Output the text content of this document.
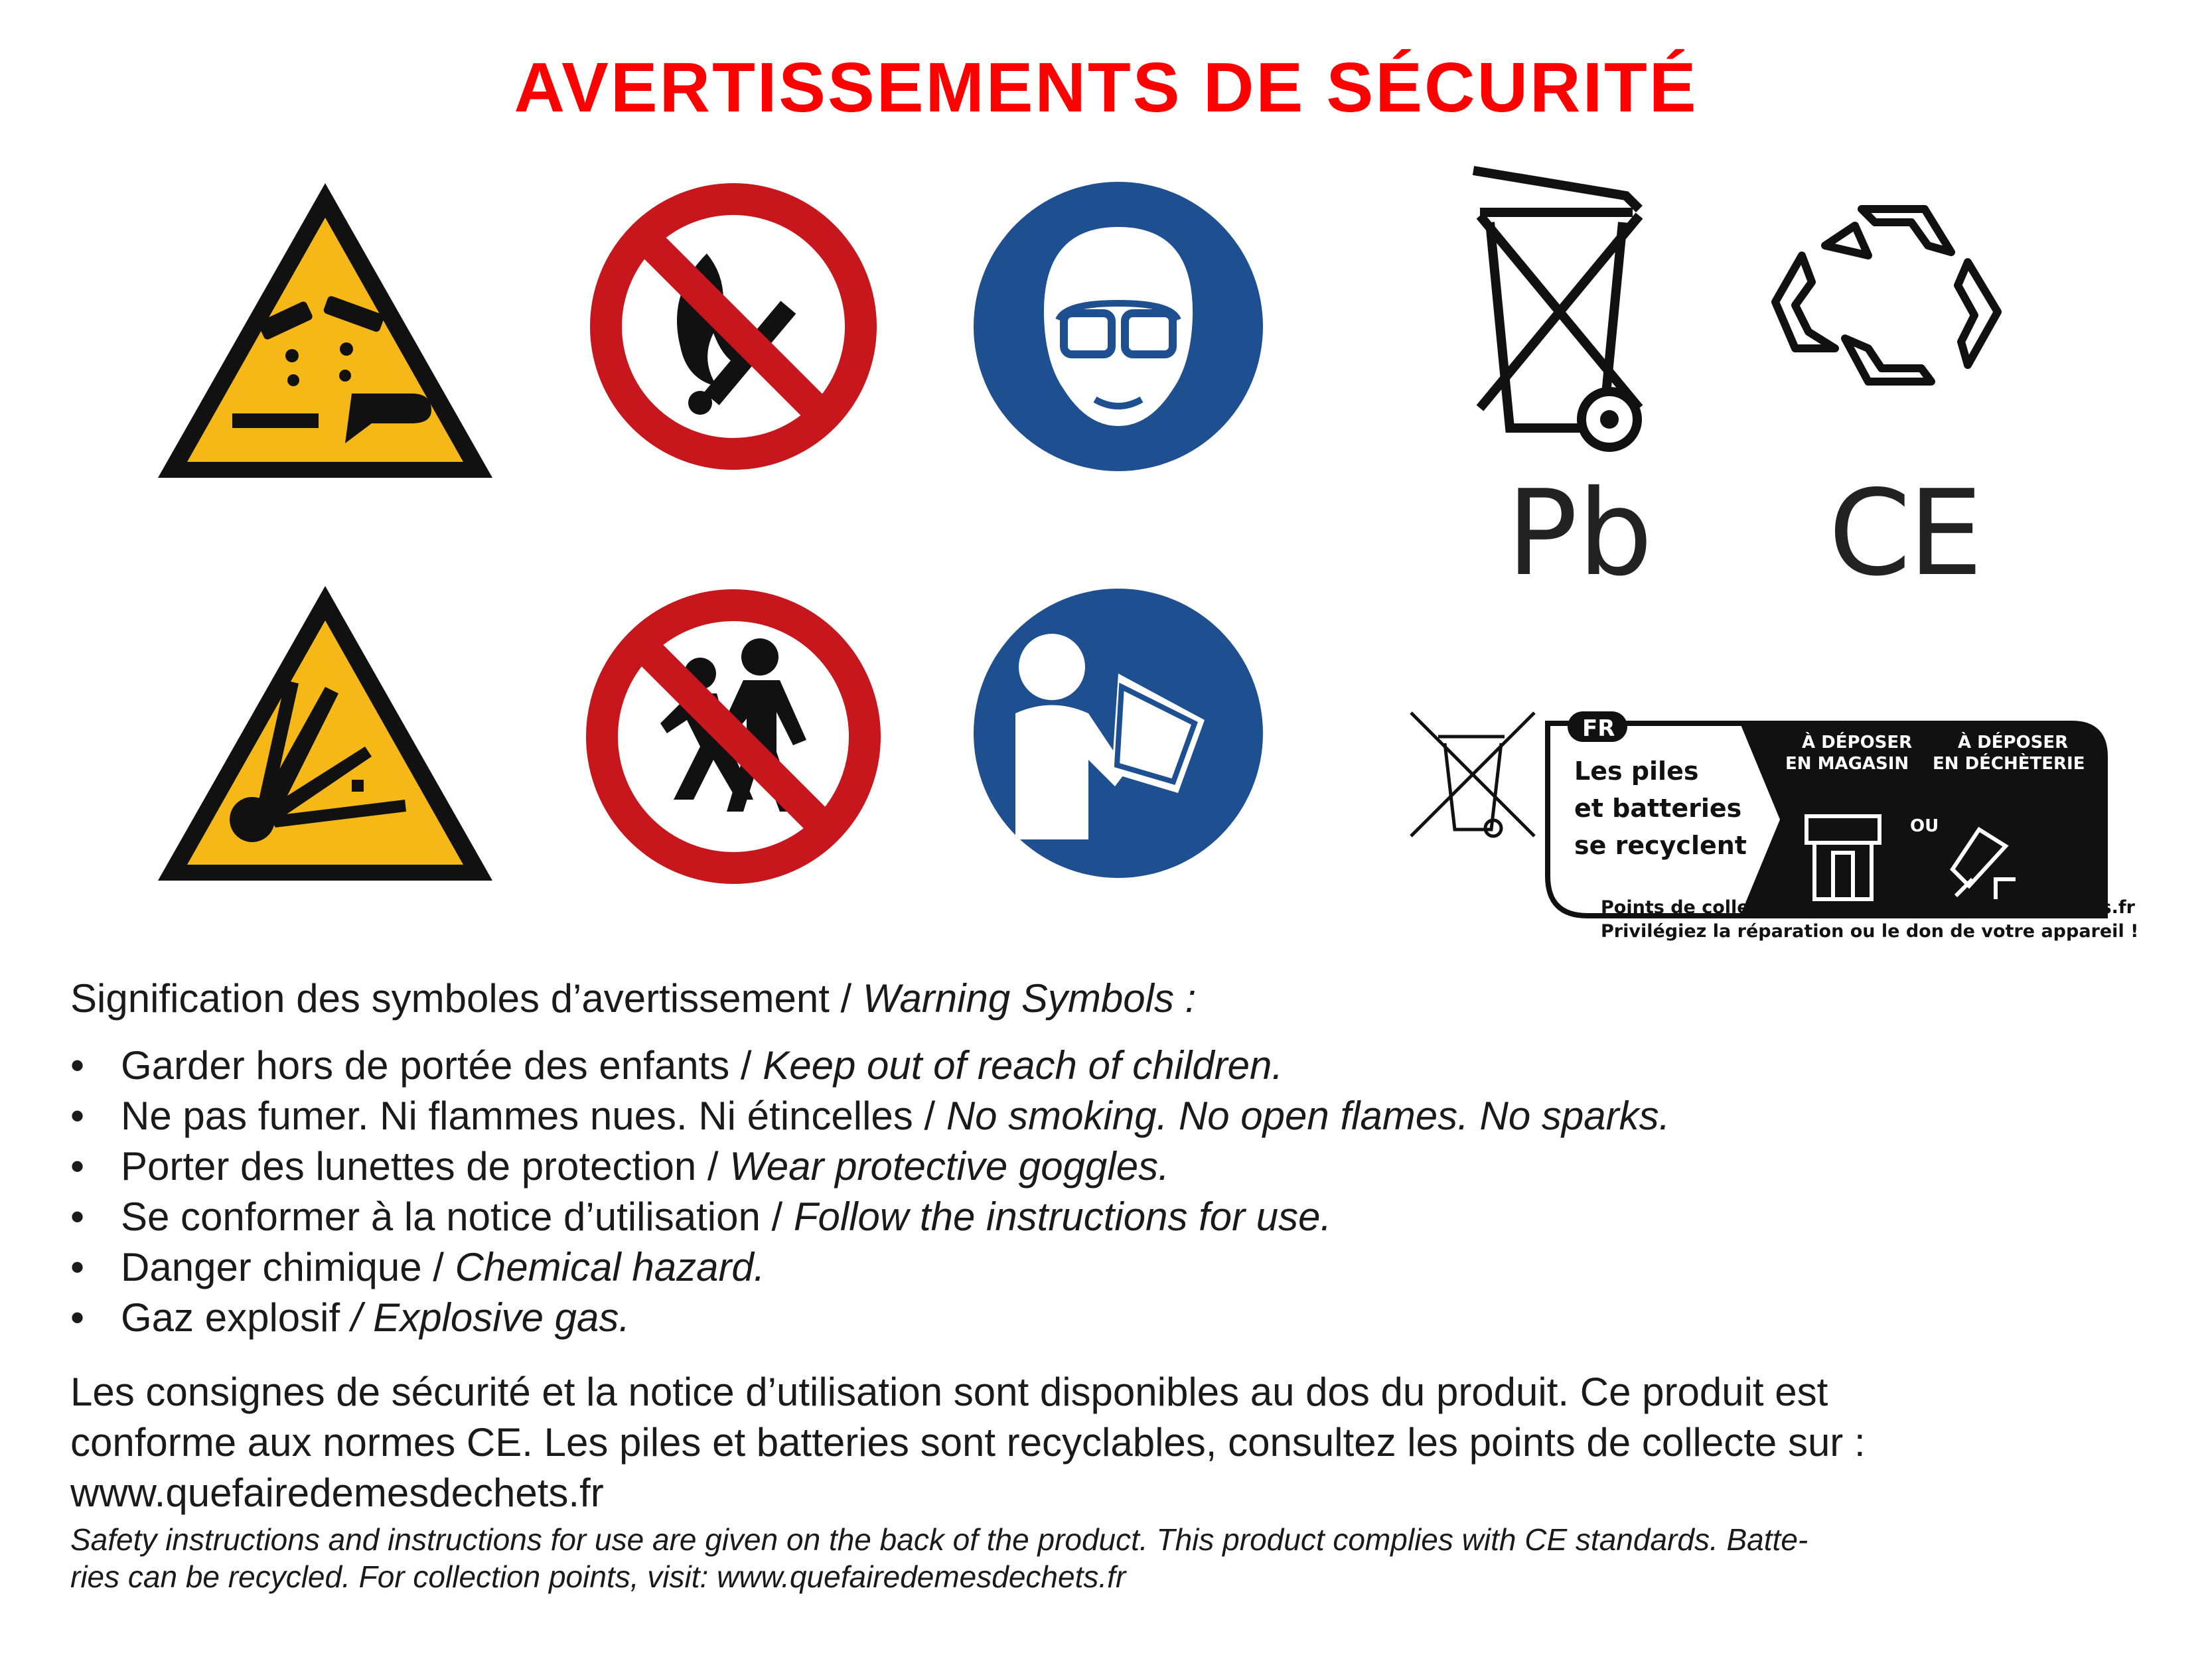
AVERTISSEMENTS DE SÉCURITÉ
Pb CE
FR
Les piles
et batteries
se recyclent
À DÉPOSER
EN MAGASIN
OU
À DÉPOSER
EN DÉCHÈTERIE
Points de collecte sur www.quefairedemesdechets.fr
Privilégiez la réparation ou le don de votre appareil !
Signification des symboles d’avertissement / Warning Symbols :
• Garder hors de portée des enfants / Keep out of reach of children.
• Ne pas fumer. Ni flammes nues. Ni étincelles / No smoking. No open flames. No sparks.
• Porter des lunettes de protection / Wear protective goggles.
• Se conformer à la notice d’utilisation / Follow the instructions for use.
• Danger chimique / Chemical hazard.
• Gaz explosif / Explosive gas.
Les consignes de sécurité et la notice d’utilisation sont disponibles au dos du produit. Ce produit est
conforme aux normes CE. Les piles et batteries sont recyclables, consultez les points de collecte sur :
www.quefairedemesdechets.fr
Safety instructions and instructions for use are given on the back of the product. This product complies with CE standards. Batte-
ries can be recycled. For collection points, visit: www.quefairedemesdechets.fr
